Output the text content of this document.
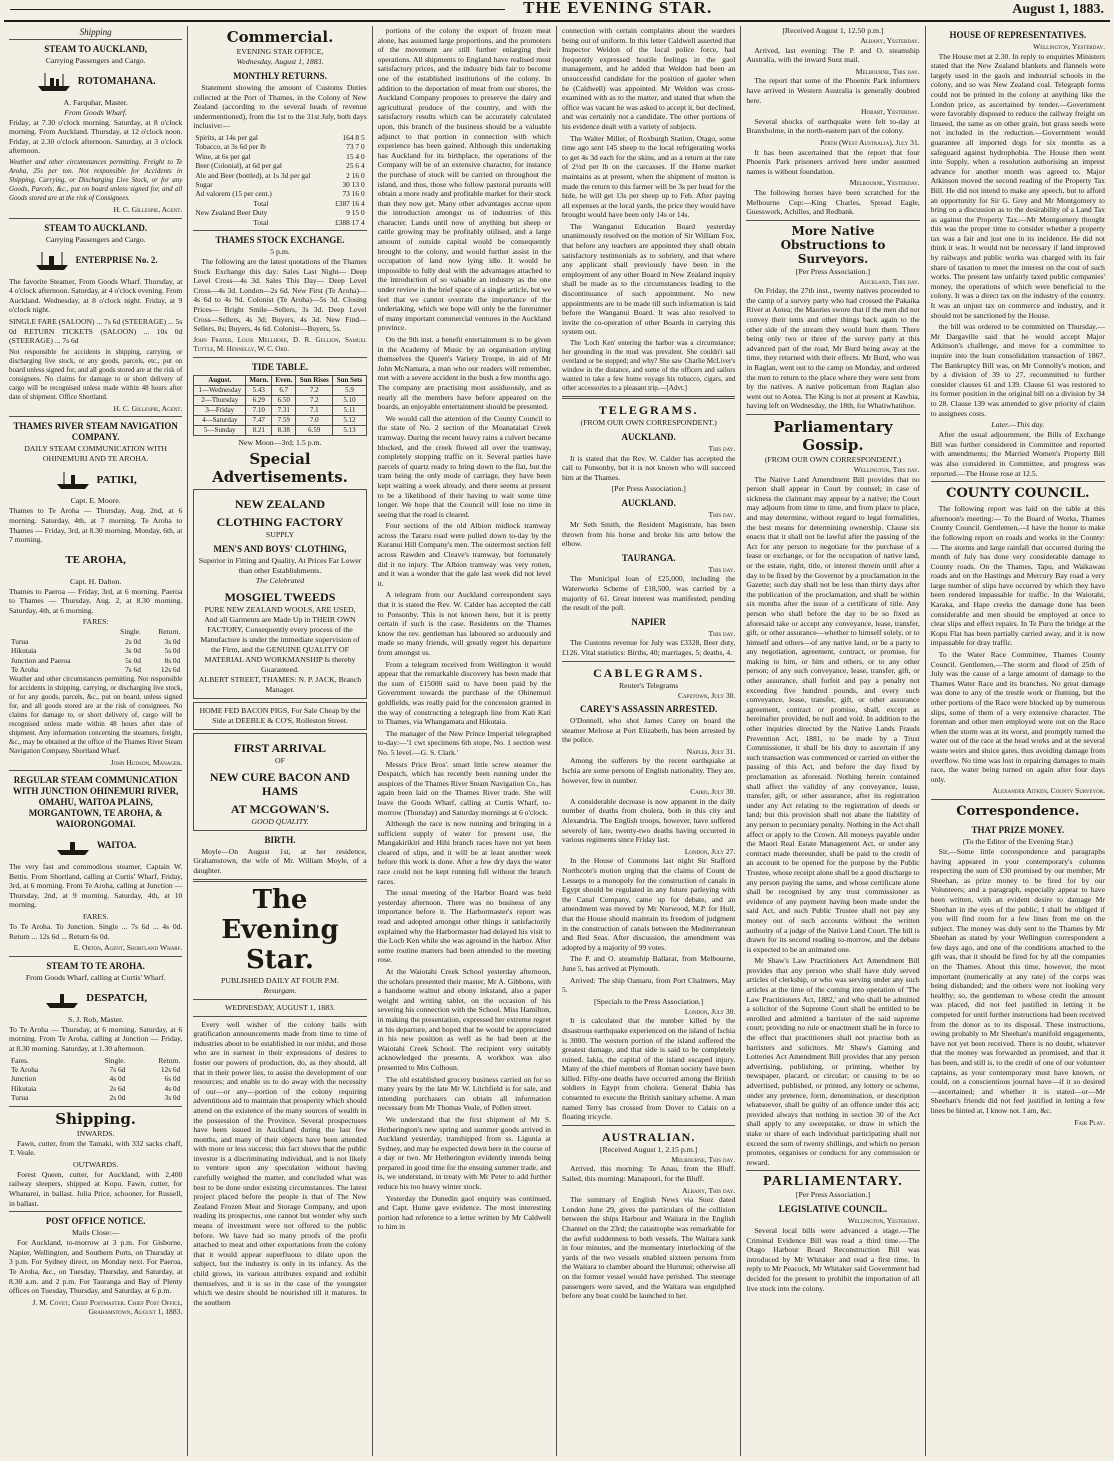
THE EVENING STAR.	August 1, 1883.
Shipping
STEAM TO AUCKLAND,
Carrying Passengers and Cargo.
ROTOMAHANA.
A. Farquhar, Master.
From Goods Wharf.

Friday, at 7.30 o'clock morning. Saturday, at 8 o'clock morning. From Auckland. Thursday, at 12 o'clock noon. Friday, at 2.30 o'clock afternoon. Saturday, at 3 o'clock afternoon.

Weather and other circumstances permitting. Freight to Te Aroha, 25s per ton. Not responsible for Accidents in Shipping, Carrying, or Discharging Live Stock, or for any Goods, Parcels, &c., put on board unless signed for, and all Goods stored are at the risk of Consignees.

H. C. Gillespie, Agent.
STEAM TO AUCKLAND.
Carrying Passengers and Cargo.
ENTERPRISE No. 2.

The favorite Steamer, From Goods Wharf. Thursday, at 4 o'clock afternoon. Saturday, at 4 o'clock evening. From Auckland. Wednesday, at 8 o'clock night. Friday, at 9 o'clock night.

SINGLE FARE (SALOON) ... 7s 6d (STEERAGE) ... 5s 0d RETURN TICKETS (SALOON) ... 10s 0d (STEERAGE) ... 7s 6d

Not responsible for accidents in shipping, carrying, or discharging live stock, or any goods, parcels, etc., put on board unless signed for, and all goods stored are at the risk of consignees. No claims for damage to or short delivery of cargo will be recognised unless made within 48 hours after date of shipment. Office Shortland.

H. C. Gillespie, Agent.
THAMES RIVER STEAM NAVIGATION COMPANY.
DAILY STEAM COMMUNICATION WITH OHINEMURI AND TE AROHA.
PATIKI,
Capt. E. Moore.

Thames to Te Aroha — Thursday, Aug. 2nd, at 6 morning. Saturday, 4th, at 7 morning. Te Aroha to Thames — Friday, 3rd, at 8.30 morning. Monday, 6th, at 7 morning.

TE AROHA,
Capt. H. Dalton.

Thames to Paeroa — Friday, 3rd, at 6 morning. Paeroa to Thames — Thursday, Aug. 2, at 8.30 morning. Saturday, 4th, at 6 morning.

FARES:
	Single.	Return.
Turua	2s 0d	3s 0d
Hikutaia	3s 0d	5s 0d
Junction and Paeroa	5s 0d	8s 0d
Te Aroha	7s 6d	12s 6d

Weather and other circumstances permitting. Not responsible for accidents in shipping, carrying, or discharging live stock, or for any goods, parcels, &c., put on board, unless signed for, and all goods stored are at the risk of consignees. No claims for damage to, or short delivery of, cargo will be recognised unless made within 48 hours after date of shipment. Any information concerning the steamers, freight, &c., may be obtained at the office of the Thames River Steam Navigation Company, Shortland Wharf.

John Hudson, Manager.
REGULAR STEAM COMMUNICATION WITH JUNCTION OHINEMURI RIVER, OMAHU, WAITOA PLAINS, MORGANTOWN, TE AROHA, & WAIORONGOMAI.
WAITOA.

The very fast and commodious steamer, Captain W. Bettis. From Shortland, calling at Curtis' Wharf, Friday, 3rd, at 6 morning. From Te Aroha, calling at Junction — Thursday, 2nd, at 9 morning. Saturday, 4th, at 10 morning.

FARES.

To Te Aroha. To Junction. Single ... 7s 6d ... 4s 0d. Return ... 12s 6d ... Return 6s 0d.

E. Orton, Agent, Shortland Wharf.
STEAM TO TE AROHA.
From Goods Wharf, calling at Curtis' Wharf.
DESPATCH,
S. J. Rob, Master.

To Te Aroha — Thursday, at 6 morning. Saturday, at 6 morning. From Te Aroha, calling at Junction — Friday, at 8.30 morning. Saturday, at 1.30 afternoon.

Fares.	Single.	Return.
Te Aroha	7s 6d	12s 6d
Junction	4s 0d	6s 0d
Hikutaia	2s 6d	4s 0d
Turua	2s 0d	3s 0d
Shipping.
INWARDS.

Fawn, cutter, from the Tamaki, with 332 sacks chaff, T. Veale.

OUTWARDS.

Forest Queen, cutter, for Auckland, with 2,400 railway sleepers, shipped at Kopu. Fawn, cutter, for Whanarei, in ballast. Julia Price, schooner, for Russell, in ballast.

POST OFFICE NOTICE.
Mails Close:—

For Auckland, to-morrow at 3 p.m. For Gisborne, Napier, Wellington, and Southern Ports, on Thursday at 3 p.m. For Sydney direct, on Monday next. For Paeroa, Te Aroha, &c., on Tuesday, Thursday, and Saturday, at 8.30 a.m. and 2 p.m. For Tauranga and Bay of Plenty offices on Tuesday, Thursday, and Saturday, at 6 p.m.

J. M. Covet, Chief Postmaster. Chief Post Office, Grahamstown, August 1, 1883.
Commercial.
EVENING STAR OFFICE,
Wednesday, August 1, 1883.
MONTHLY RETURNS.

Statement showing the amount of Customs Duties collected at the Port of Thames, in the Colony of New Zealand (according to the several heads of revenue undermentioned), from the 1st to the 31st July, both days inclusive:—

Spirits, at 14s per gal	164 8 5
Tobacco, at 3s 6d per lb	73 7 0
Wine, at 6s per gal	15 4 0
Beer (Colonial), at 6d per gal	25 6 4
Ale and Beer (bottled), at 1s 3d per gal	2 16 0
Sugar	30 13 0
Ad valorem (15 per cent.)	73 16 0
Total	£387 16 4
New Zealand Beer Duty	9 15 0
Total	£388 17 4
THAMES STOCK EXCHANGE.
5 p.m.

The following are the latest quotations of the Thames Stock Exchange this day: Sales Last Night— Deep Level Cross—4s 3d. Sales This Day— Deep Level Cross—4s 3d. London—2s 6d. New First (Te Aroha)—4s 6d to 4s 9d. Colonist (Te Aroha)—5s 3d. Closing Prices— Bright Smile—Sellers, 3s 3d. Deep Level Cross—Sellers, 4s 3d; Buyers, 4s 3d. New Find—Sellers, 8s; Buyers, 4s 6d. Colonist—Buyers, 5s.

John Frater, Louis Mellhose, D. R. Gellion, Samuel Tuttle, M. Hennelly, W. C. Ord.

TIDE TABLE.
August.	Morn.	Even.	Sun Rises	Sun Sets
1—Wednesday	5.43	6.7	7.2	5.9
2—Thursday	6.29	6.50	7.2	5.10
3—Friday	7.10	7.31	7.1	5.11
4—Saturday	7.47	7.59	7.0	5.12
5—Sunday	8.21	8.38	6.59	5.13
New Moon—3rd; 1.5 p.m.
Special Advertisements.
NEW ZEALAND
CLOTHING FACTORY
SUPPLY
MEN'S AND BOYS' CLOTHING,
Superior in Fitting and Quality, At Prices Far Lower than other Establishments.
The Celebrated
MOSGIEL TWEEDS
PURE NEW ZEALAND WOOLS, ARE USED, And all Garments are Made Up in THEIR OWN FACTORY, Consequently every process of the Manufacture is under the immediate supervision of the Firm, and the GENUINE QUALITY OF MATERIAL AND WORKMANSHIP Is thereby Guaranteed.
ALBERT STREET, THAMES: N. P. JACK, Branch Manager.
HOME FED BACON PIGS, For Sale Cheap by the Side at DEEBLE & CO'S, Rolleston Street.
FIRST ARRIVAL
OF
NEW CURE BACON AND HAMS
AT MCGOWAN'S.
GOOD QUALITY.
BIRTH.

Moyle—On August 1st, at her residence, Grahamstown, the wife of Mr. William Moyle, of a daughter.

The Evening Star.
PUBLISHED DAILY AT FOUR P.M.
Resurgam.
WEDNESDAY, AUGUST 1, 1883.

Every well wisher of the colony hails with gratification announcements made from time to time of industries about to be established in our midst, and those who are in earnest in their expressions of desires to foster our powers of production, do, as they should, all that in their power lies, to assist the development of our resources; and enable us to do away with the necessity of our—or any—portion of the colony requiring adventitious aid to maintain that prosperity which should attend on the existence of the many sources of wealth in the possession of the Province. Several prospectuses have been issued in Auckland during the last few months, and many of their objects have been attended with more or less success; this fact shows that the public investor is a discriminating individual, and is not likely to venture upon any speculation without having carefully weighed the matter, and concluded what was best to be done under existing circumstances. The latest project placed before the people is that of The New Zealand Frozen Meat and Storage Company, and upon reading its prospectus, one cannot but wonder why such means of investment were not offered to the public before. We have had so many proofs of the profit attached to meat and other exportations from the colony that it would appear superfluous to dilate upon the subject, but the industry is only in its infancy. As the child grows, its various attributes expand and exhibit themselves, and it is so in the case of the youngster which we desire should be nourished till it matures. In the southern

portions of the colony the export of frozen meat alone, has assumed large proportions, and the promoters of the movement are still further enlarging their operations. All shipments to England have realised most satisfactory prices, and the industry bids fair to become one of the established institutions of the colony. In addition to the deportation of meat from our shores, the Auckland Company proposes to preserve the dairy and agricultural produce of the country, and with the satisfactory results which can be accurately calculated upon, this branch of the business should be a valuable adjunct to that portion in connection with which experience has been gained. Although this undertaking has Auckland for its birthplace, the operations of the Company will be of an extensive character, for instance the purchase of stock will be carried on throughout the island, and thus, those who follow pastoral pursuits will obtain a more ready and profitable market for their stock than they now get. Many other advantages accrue upon the introduction amongst us of industries of this character. Lands until now of anything but sheep or cattle growing may be profitably utilised, and a large amount of outside capital would be consequently brought to the colony, and would further assist in the occupation of land now lying idle. It would be impossible to fully deal with the advantages attached to the introduction of so valuable an industry as the one under review in the brief space of a single article, but we feel that we cannot overrate the importance of the undertaking, which we hope will only be the forerunner of many important commercial ventures in the Auckland province.

On the 9th inst. a benefit entertainment is to be given in the Academy of Music by an organisation styling themselves the Queen's Variety Troupe, in aid of Mr John McNamara, a man who our readers will remember, met with a severe accident in the bush a few months ago. The company are practising most assiduously, and as nearly all the members have before appeared on the boards, an enjoyable entertainment should be presented.

We would call the attention of the County Council to the state of No. 2 section of the Moanataiari Creek tramway. During the recent heavy rains a culvert became blocked, and the creek flowed all over the tramway, completely stopping traffic on it. Several parties have parcels of quartz ready to bring down to the flat, but the tram being the only mode of carriage, they have been kept waiting a week already, and there seems at present to be a likelihood of their having to wait some time longer. We hope that the Council will lose no time in seeing that the road is cleared.

Four sections of the old Albion midlock tramway across the Tararu road were pulled down to-day by the Kuranui Hill Company's men. The outermost section fell across Rawden and Cleave's tramway, but fortunately did it no injury. The Albion tramway was very rotten, and it was a wonder that the gale last week did not level it.

A telegram from our Auckland correspondent says that it is stated the Rev. W. Calder has accepted the call to Ponsonby. This is not known here, but it is pretty certain if such is the case. Residents on the Thames know the rev. gentleman has laboured so arduously and made so many friends, will greatly regret his departure from amongst us.

From a telegram received from Wellington it would appear that the remarkable discovery has been made that the sum of £15000 said to have been paid by the Government towards the purchase of the Ohinemuri goldfields, was really paid for the concession granted in the way of constructing a telegraph line from Kati Kati to Thames, via Whangamata and Hikutaia.

The manager of the New Prince Imperial telegraphed to-day:—'1 cwt specimens 6th stope, No. 1 section west No. 5 level.—G. S. Clark.'

Messrs Price Bros'. smart little screw steamer the Despatch, which has recently been running under the auspices of the Thames River Steam Navigation Co., has again been laid on the Thames River trade. She will leave the Goods Wharf, calling at Curtis Wharf, to-morrow (Thursday) and Saturday mornings at 6 o'clock.

Although the race is now running and bringing in a sufficient supply of water for present use, the Mangakirikiri and Hihi branch races have not yet been cleared of slips, and it will be at least another week before this work is done. After a few dry days the water race could not be kept running full without the branch races.

The usual meeting of the Harbor Board was held yesterday afternoon. There was no business of any importance before it. The Harbormaster's report was read and adopted amongst other things it satisfactorily explained why the Harbormaster had delayed his visit to the Loch Ken while she was aground in the harbor. After some routine matters had been attended to the meeting rose.

At the Waiotahi Creek School yesterday afternoon, the scholars presented their master, Mr A. Gibbons, with a handsome walnut and ebony inkstand, also a paper weight and writing tablet, on the occasion of his severing his connection with the School. Miss Hamilton, in making the presentation, expressed her extreme regret at his departure, and hoped that he would be appreciated in his new position as well as he had been at the Waiotahi Creek School. The recipient very suitably acknowledged the presents. A workbox was also presented to Mrs Colhoun.

The old established grocery business carried on for so many years by the late Mr W. Litchfield is for sale, and intending purchasers can obtain all information necessary from Mr Thomas Veale, of Pollen street.

We understand that the first shipment of Mr S. Hetherington's new spring and summer goods arrived in Auckland yesterday, transhipped from ss. Ligunia at Sydney, and may be expected down here in the course of a day or two. Mr Hetherington evidently intends being prepared in good time for the ensuing summer trade, and is, we understand, in treaty with Mr Peter to add further reduce his too heavy winter stock.

Yesterday the Dunedin gaol enquiry was continued, and Capt. Hume gave evidence. The most interesting portion had reference to a letter written by Mr Caldwell to him in

connection with certain complaints about the warders being out of uniform. In this letter Caldwell asserted that Inspector Weldon of the local police force, had frequently expressed hostile feelings in the gaol management, and he added that Weldon had been an unsuccessful candidate for the position of gaoler when he (Caldwell) was appointed. Mr Weldon was cross-examined with as to the matter, and stated that when the office was vacant he was asked to accept it, but declined, and was certainly not a candidate. The other portions of his evidence dealt with a variety of subjects.

The Walter Miller, of Roxburgh Station, Otago, some time ago sent 145 sheep to the local refrigerating works to get 4s 3d each for the skins, and as a return at the rate of 2½d per lb on the carcasses. If the Home market maintains as at present, when the shipment of mutton is made the return to this farmer will be 3s per head for the hide, he will get 13s per sheep up to Feb. After paying all expenses at the local yards, the price they would have brought would have been only 14s or 14s.

The Wanganui Education Board yesterday unanimously resolved on the motion of Sir William Fox, that before any teachers are appointed they shall obtain satisfactory testimonials as to sobriety, and that where any applicant shall previously have been in the employment of any other Board in New Zealand inquiry shall be made as to the circumstances leading to the discontinuance of such appointment. No new appointments are to be made till such information is laid before the Wanganui Board. It was also resolved to invite the co-operation of other Boards in carrying this system out.

The 'Loch Ken' entering the harbor was a circumstance; her grounding in the mud was prevalent. She couldn't sail overland or be stopped; and why? She saw Charlie McLiver's window in the distance, and some of the officers and sailors wanted to take a few home voyage his tobacco, cigars, and other accessories to a pleasant trip.—[Advt.]

TELEGRAMS.
(FROM OUR OWN CORRESPONDENT.)
AUCKLAND.
This day.

It is stated that the Rev. W. Calder has accepted the call to Ponsonby, but it is not known who will succeed him at the Thames.

[Per Press Association.]
AUCKLAND.
This day.

Mr Seth Smith, the Resident Magistrate, has been thrown from his horse and broke his arm below the elbow.

TAURANGA.
This day.

The Municipal loan of £25,000, including the Waterworks Scheme of £18,500, was carried by a majority of 61. Great interest was manifested, pending the result of the poll.

NAPIER
This day.

The Customs revenue for July was £3328, Beer duty, £126. Vital statistics: Births, 40; marriages, 5; deaths, 4.

CABLEGRAMS.
Reuter's Telegrams
Capetown, July 30.
CAREY'S ASSASSIN ARRESTED.

O'Donnell, who shot James Carey on board the steamer Melrose at Port Elizabeth, has been arrested by the police.

Naples, July 31.

Among the sufferers by the recent earthquake at Ischia are some persons of English nationality. They are, however, few in number.

Cairo, July 30.

A considerable decrease is now apparent in the daily number of deaths from cholera, both in this city and Alexandria. The English troops, however, have suffered severely of late, twenty-two deaths having occurred in various regiments since Friday last.

London, July 27.

In the House of Commons last night Sir Stafford Northcote's motion urging that the claims of Count de Lesseps to a monopoly for the construction of canals in Egypt should be regulated in any future parleying with the Canal Company, came up for debate, and an amendment was moved by Mr Norwood, M.P. for Hull, that the House should maintain its freedom of judgment in the construction of canals between the Mediterranean and Red Seas. After discussion, the amendment was adopted by a majority of 99 votes.

The P. and O. steamship Ballarat, from Melbourne, June 5, has arrived at Plymouth.

Arrived: The ship Oamaru, from Port Chalmers, May 5.

[Specials to the Press Association.]
London, July 30.

It is calculated that the number killed by the disastrous earthquake experienced on the island of Ischia is 3000. The western portion of the island suffered the greatest damage, and that side is said to be completely ruined. Iakia, the capital of the island escaped injury. Many of the chief members of Roman society have been killed. Fifty-one deaths have occurred among the British soldiers in Egypt from cholera. General Dabia has consented to execute the British sanitary scheme. A man named Terry has crossed from Dover to Calais on a floating tricycle.

AUSTRALIAN.
[Received August 1, 2.15 p.m.]
Melbourne, This day.

Arrived, this morning: Te Anau, from the Bluff. Sailed, this morning: Manapouri, for the Bluff.

Albany, This day.

The summary of English News via Suez dated London June 29, gives the particulars of the collision between the ships Harbour and Waitara in the English Channel on the 23rd; the catastrophe was remarkable for the awful suddenness to both vessels. The Waitara sank in four minutes, and the momentary interlocking of the yards of the two vessels enabled sixteen persons from the Waitara to clamber aboard the Hurunui; otherwise all on the former vessel would have perished. The steerage passengers were saved, and the Waitara was engulphed before any boat could be launched to her.

[Received August 1, 12.50 p.m.]
Albany, Yesterday.

Arrived, last evening: The P. and O. steamship Australia, with the inward Suez mail.

Melbourne, This day.

The report that some of the Phoenix Park informers have arrived in Western Australia is generally doubted here.

Hobart, Yesterday.

Several shocks of earthquake were felt to-day at Branxholme, in the north-eastern part of the colony.

Perth (West Australia), July 31.

It has been ascertained that the report that four Phoenix Park prisoners arrived here under assumed names is without foundation.

Melbourne, Yesterday.

The following horses have been scratched for the Melbourne Cup:—King Charles, Spread Eagle, Guesswork, Achilles, and Redbank.

More Native Obstructions to Surveyors.
[Per Press Association.]
Auckland, This day.

On Friday, the 27th inst., twenty natives proceeded to the camp of a survey party who had crossed the Pakaika River at Aotea; the Maories swore that if the men did not convey their tents and other things back again to the other side of the stream they would burn them. There being only two or three of the survey party at this advanced part of the road, Mr Burd being away at the time, they returned with their effects. Mr Burd, who was in Raglan, went out to the camp on Monday, and ordered the men to return to the place where they were sent from by the natives. A native policeman from Raglan also went out to Aotea. The King is not at present at Kawhia, having left on Wednesday, the 18th, for Whatiwhatihoe.

Parliamentary Gossip.
(FROM OUR OWN CORRESPONDENT.)
Wellington, This day.

The Native Land Amendment Bill provides that no person shall appear in Court by counsel; in case of sickness the claimant may appear by a native; the Court may adjourn from time to time, and from place to place, and may determine, without regard to legal formalities, the best means for determining ownership. Clause six enacts that it shall not be lawful after the passing of the Act for any person to negotiate for the purchase of a lease or exchange, or for the occupation of native land, or the estate, right, title, or interest therein until after a day to be fixed by the Governor by a proclamation in the Gazette; such day shall not be less than thirty days after the publication of the proclamation, and shall be within six months after the issue of a certificate of title. Any person who shall before the day to be so fixed as aforesaid take or accept any conveyance, lease, transfer, gift, or other assurance—whether to himself solely, or to himself and others—of any native land, or be a party to any negotiation, agreement, contract, or promise, for making to him, or him and others, or to any other person; of any such conveyance, lease, transfer, gift, or other assurance, shall forfeit and pay a penalty not exceeding five hundred pounds, and every such conveyance, lease, transfer, gift, or other assurance agreement, contract or promise, shall, except as hereinafter provided, be null and void. In addition to the other inquiries directed by the Native Lands Frauds Prevention Act, 1881, to be made by a Trust Commissioner, it shall be his duty to ascertain if any such transaction was commenced or carried on either the passing of this Act, and before the day fixed by proclamation as aforesaid. Nothing herein contained shall affect the validity of any conveyance, lease, transfer, gift, or other assurance, after its registration under any Act relating to the registration of deeds or land; but this provision shall not abate the liability of any person to pecuniary penalty. Nothing in the Act shall affect or apply to the Crown. All moneys payable under the Maori Real Estate Management Act, or under any contract made thereunder, shall be paid to the credit of an account to be opened for the purpose by the Public Trustee, whose receipt alone shall be a good discharge to any person paying the same, and whose certificate alone shall be recognised by any trust commissioner as evidence of any payment having been made under the said Act, and such Public Trustee shall not pay any money out of such accounts without the written authority of a judge of the Native Land Court. The bill is drawn for its second reading to-morrow, and the debate is expected to be an animated one.

Mr Shaw's Law Practitioners Act Amendment Bill provides that any person who shall have duly served articles of clerkship, or who was serving under any such articles at the time of the coming into operation of 'The Law Practitioners Act, 1882,' and who shall be admitted a solicitor of the Supreme Court shall be entitled to be enrolled and admitted a barrister of the said supreme court; providing no rule or enactment shall be in force to the effect that practitioners shall not practise both as barristers and solicitors. Mr Shaw's Gaming and Lotteries Act Amendment Bill provides that any person advertising, publishing, or printing, whether by newspaper, placard, or circular; or causing to be so advertised, published, or printed, any lottery or scheme, under any pretence, form, denomination, or description whatsoever, shall be guilty of an offence under this act; provided always that nothing in section 30 of the Act shall apply to any sweepstake, or draw in which the stake or share of each individual participating shall not exceed the sum of twenty shillings, and which no person promotes, organises or conducts for any commission or reward.

PARLIAMENTARY.
[Per Press Association.]
LEGISLATIVE COUNCIL.
Wellington, Yesterday.

Several local bills were advanced a stage.—The Criminal Evidence Bill was read a third time.—The Otago Harbour Board Reconstruction Bill was introduced by Mr Whitaker and read a first time. In reply to Mr Peacock, Mr Whitaker said Government had decided for the present to prohibit the importation of all live stock into the colony.

HOUSE OF REPRESENTATIVES.
Wellington, Yesterday.

The House met at 2.30. In reply to enquiries Ministers stated that the New Zealand blankets and flannels were largely used in the gaols and industrial schools in the colony, and so was New Zealand coal. Telegraph forms could not be printed in the colony at anything like the London price, as ascertained by tender.—Government were favorably disposed to reduce the railway freight on linseed, the same as on other grain, but grass seeds were not included in the reduction.—Government would guarantee all imported dogs for six months as a safeguard against hydrophobia. The House then went into Supply, when a resolution authorising an imprest advance for another month was agreed to. Major Atkinson moved the second reading of the Property Tax Bill. He did not intend to make any speech, but to afford an opportunity for Sir G. Grey and Mr Montgomery to bring on a discussion as to the desirability of a Land Tax as against the Property Tax.—Mr Montgomery thought this was the proper time to consider whether a property tax was a fair and just one in its incidence. He did not think it was. It would not be necessary if land improved by railways and public works was charged with its fair share of taxation to meet the interest on the cost of such works. The present law unfairly taxed public companies' money, the operations of which were beneficial to the colony. It was a direct tax on the industry of the country. It was an unjust tax on commerce and industry, and it should not be sanctioned by the House.

the bill was ordered to be committed on Thursday.—Mr Dargaville said that he would accept Major Atkinson's challenge, and move for a committee to inquire into the loan consolidation transaction of 1867. The Bankruptcy Bill was, on Mr Connolly's motion, and by a division of 39 to 27, recommitted to further consider clauses 61 and 139. Clause 61 was restored to its former position in the original bill on a division by 34 to 28. Clause 139 was amended to give priority of claim to assignees costs.

Later.—This day.

After the usual adjournment, the Bills of Exchange Bill was further considered in Committee and reported with amendments; the Married Women's Property Bill was also considered in Committee, and progress was reported.—The House rose at 12.5.

COUNTY COUNCIL.

The following report was laid on the table at this afternoon's meeting:— To the Board of Works, Thames County Council. Gentlemen,—I have the honor to make the following report on roads and works in the County:— The storms and large rainfall that occurred during the month of July has done very considerable damage to County roads. On the Thames, Tapu, and Waikawau roads and on the Hastings and Mercury Bay road a very large number of slips have occurred by which they have been rendered impassable for traffic. In the Waiotahi, Karaka, and Hape creeks the damage done has been considerable and men should be employed at once to clear slips and effect repairs. In Te Puru the bridge at the Kopu Flat has been partially carried away, and it is now impassable for dray traffic.

To the Water Race Committee, Thames County Council. Gentlemen,—The storm and flood of 25th of July was the cause of a large amount of damage to the Thames Water Race and its branches. No great damage was done to any of the trestle work or fluming, but the other portions of the Race were blocked up by numerous slips, some of them of a very extensive character. The foreman and other men employed were out on the Race when the storm was at its worst, and promptly turned the water out of the race at the head works and at the several waste weirs and sluice gates, thus avoiding damage from overflow. No time was lost in repairing damages to main race, the water being turned on again after four days only.

Alexander Aitken, County Surveyor.
Correspondence.
THAT PRIZE MONEY.
(To the Editor of the Evening Star.)

Sir,—Some little correspondence and paragraphs having appeared in your contemporary's columns respecting the sum of £30 promised by our member, Mr Sheehan, as prize money to be fired for by our Volunteers; and a paragraph, especially appear to have been written, with an evident desire to damage Mr Sheehan in the eyes of the public, I shall be obliged if you will find room for a few lines from me on the subject. The money was duly sent to the Thames by Mr Sheehan as stated by your Wellington correspondent a few days ago, and one of the conditions attached to the gift was, that it should be fired for by all the companies on the Thames. About this time, however, the most important (numerically at any rate) of the corps was being disbanded; and the others were not looking very healthy; so, the gentleman to whose credit the amount was placed, did not feel justified in letting it be competed for until further instructions had been received from the donor as to its disposal. These instructions, owing probably to Mr Sheehan's manifold engagements, have not yet been received. There is no doubt, whatever that the money was forwarded as promised, and that it has been, and still is, to the credit of one of our volunteer captains, as your contemporary must have known, or could, on a conscientious journal have—if it so desired—ascertained; and whether it is stated—or—Mr Sheehan's friends did not feel justified in letting a few lines be hinted at, I know not. I am, &c.

Fair Play.
